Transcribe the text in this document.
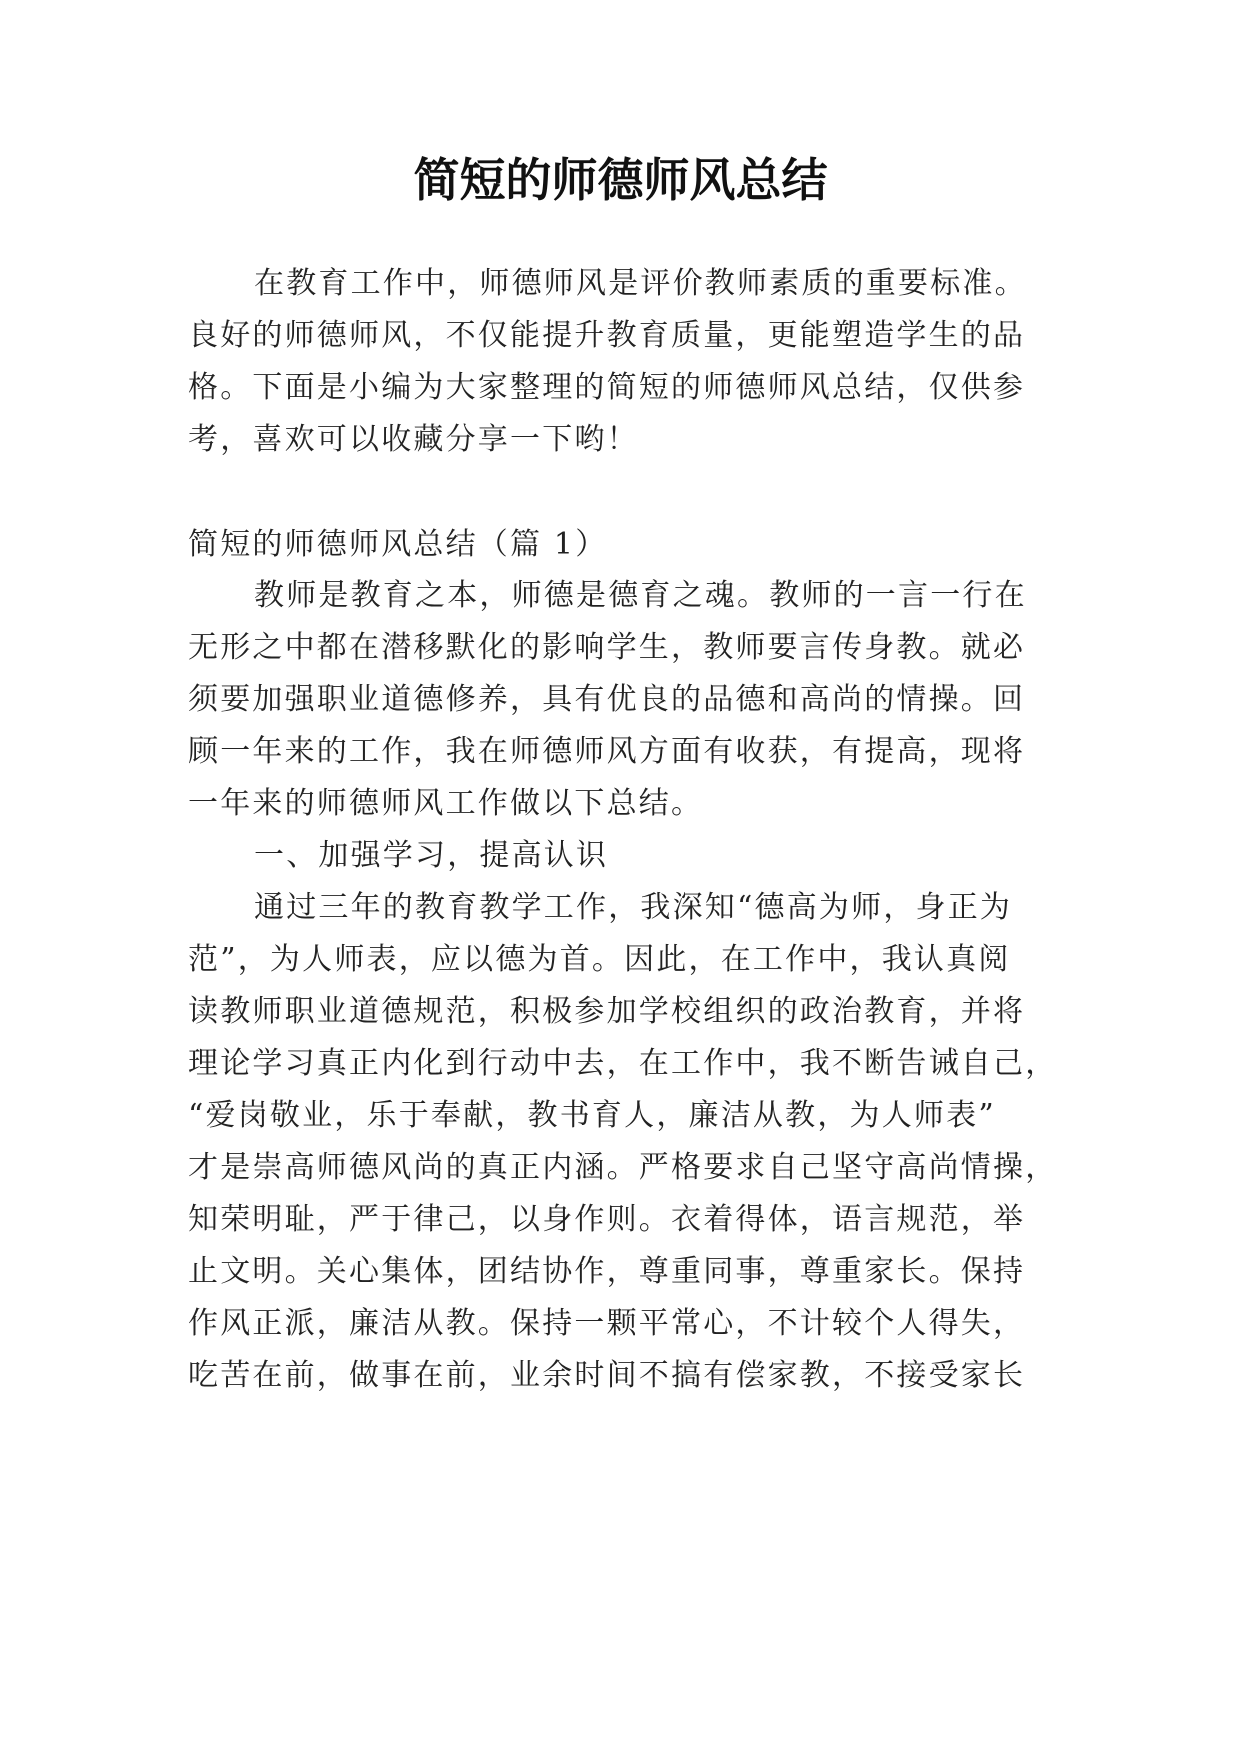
简短的师德师风总结
在教育工作中，师德师风是评价教师素质的重要标准。
良好的师德师风，不仅能提升教育质量，更能塑造学生的品
格。下面是小编为大家整理的简短的师德师风总结，仅供参
考，喜欢可以收藏分享一下哟！
简短的师德师风总结（篇 1）
教师是教育之本，师德是德育之魂。教师的一言一行在
无形之中都在潜移默化的影响学生，教师要言传身教。就必
须要加强职业道德修养，具有优良的品德和高尚的情操。回
顾一年来的工作，我在师德师风方面有收获，有提高，现将
一年来的师德师风工作做以下总结。
一、加强学习，提高认识
通过三年的教育教学工作，我深知“德高为师，身正为
范”，为人师表，应以德为首。因此，在工作中，我认真阅
读教师职业道德规范，积极参加学校组织的政治教育，并将
理论学习真正内化到行动中去，在工作中，我不断告诫自己，
“爱岗敬业，乐于奉献，教书育人，廉洁从教，为人师表”
才是崇高师德风尚的真正内涵。严格要求自己坚守高尚情操，
知荣明耻，严于律己，以身作则。衣着得体，语言规范，举
止文明。关心集体，团结协作，尊重同事，尊重家长。保持
作风正派，廉洁从教。保持一颗平常心，不计较个人得失，
吃苦在前，做事在前，业余时间不搞有偿家教，不接受家长
